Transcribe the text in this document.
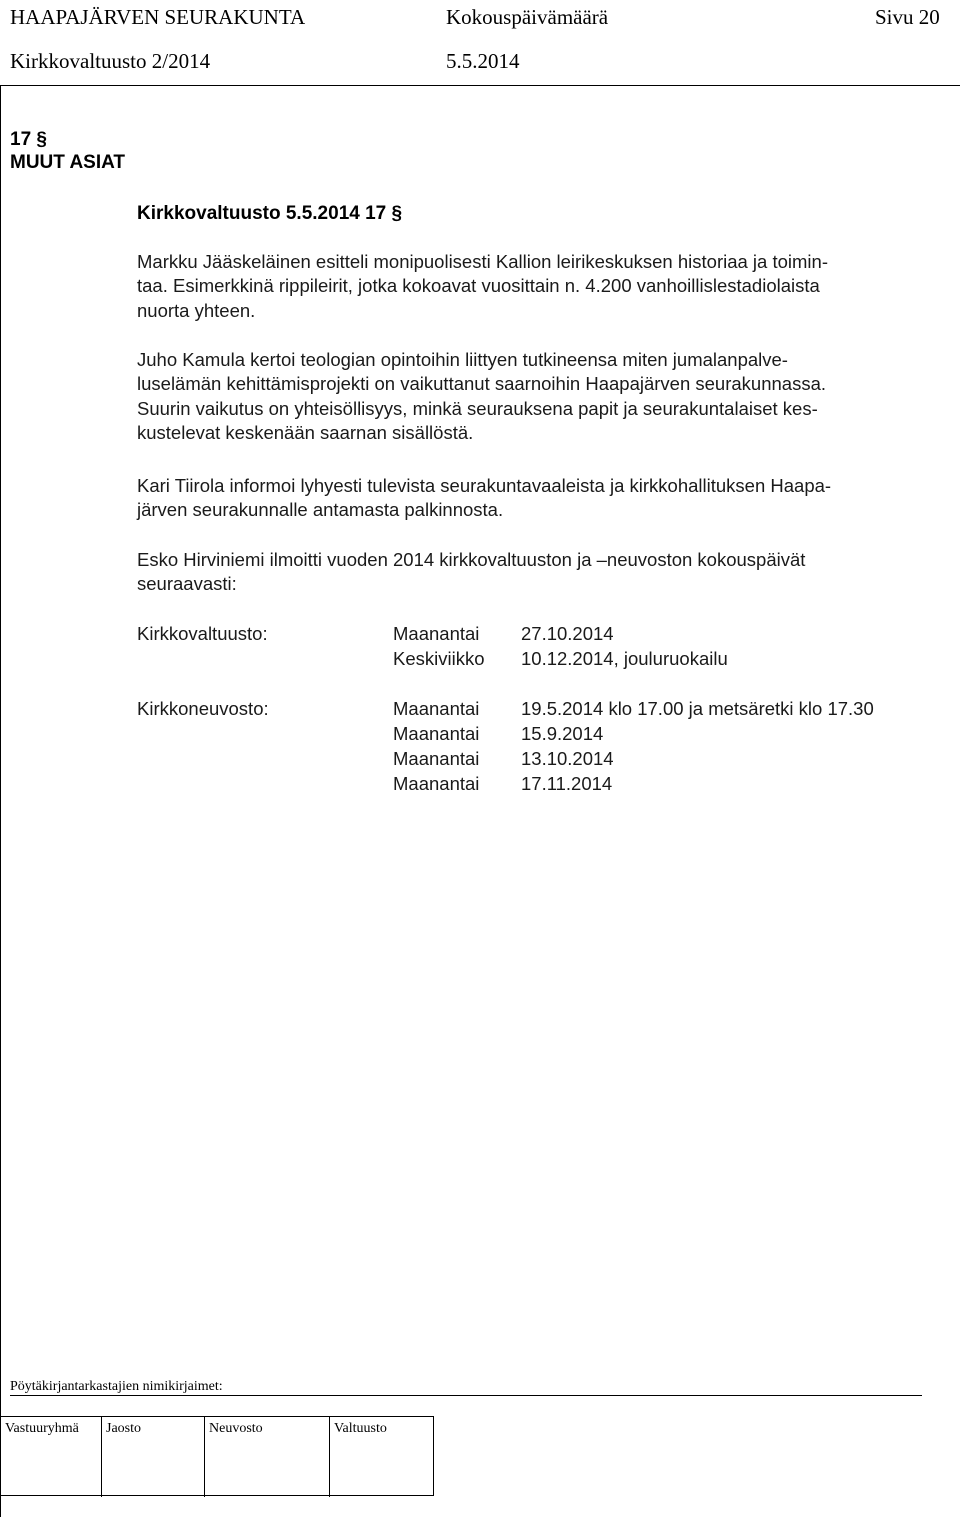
HAAPAJÄRVEN SEURAKUNTA	Kokouspäivämäärä	Sivu 20
Kirkkovaltuusto 2/2014	5.5.2014
17 §
MUUT ASIAT
Kirkkovaltuusto 5.5.2014 17 §
Markku Jääskeläinen esitteli monipuolisesti Kallion leirikeskuksen historiaa ja toimin-
taa. Esimerkkinä rippileirit, jotka kokoavat vuosittain n. 4.200 vanhoillislestadiolaista
nuorta yhteen.
Juho Kamula kertoi teologian opintoihin liittyen tutkineensa miten jumalanpalve-
luselämän kehittämisprojekti on vaikuttanut saarnoihin Haapajärven seurakunnassa.
Suurin vaikutus on yhteisöllisyys, minkä seurauksena papit ja seurakuntalaiset kes-
kustelevat keskenään saarnan sisällöstä.
Kari Tiirola informoi lyhyesti tulevista seurakuntavaaleista ja kirkkohallituksen Haapa-
järven seurakunnalle antamasta palkinnosta.
Esko Hirviniemi ilmoitti vuoden 2014 kirkkovaltuuston ja –neuvoston kokouspäivät
seuraavasti:
Kirkkovaltuusto:	Maanantai 27.10.2014
Keskiviikko 10.12.2014, jouluruokailu
Kirkkoneuvosto:	Maanantai 19.5.2014 klo 17.00 ja metsäretki klo 17.30
Maanantai 15.9.2014
Maanantai 13.10.2014
Maanantai 17.11.2014
Pöytäkirjantarkastajien nimikirjaimet:
Vastuuryhmä	Jaosto	Neuvosto	Valtuusto
